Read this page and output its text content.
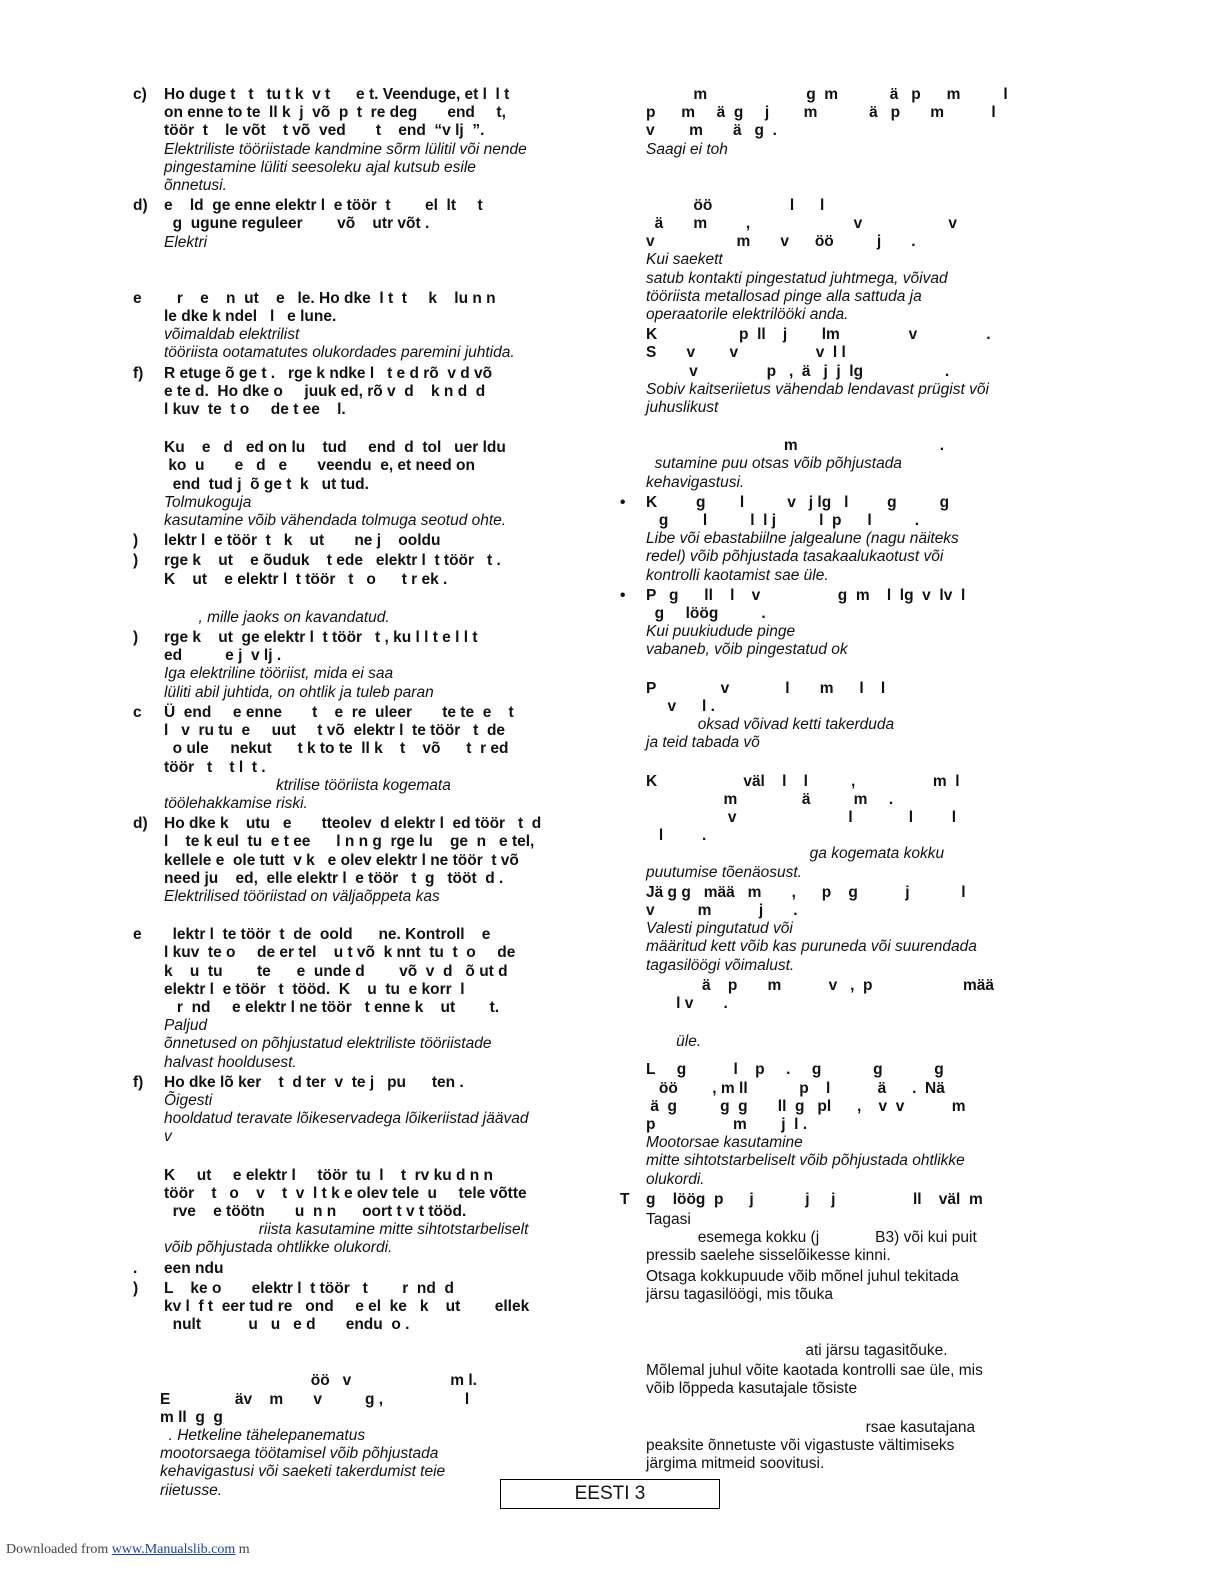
c) Ho duge t   t   tu t k  v t      e t. Veenduge, et l  l t
on enne to te  ll k  j  võ  p  t  re deg       end     t,
töör  t    le võt    t võ  ved       t    end  “v lj  ”.
Elektriliste tööriistade kandmine sõrm lülitil või nende
pingestamine lüliti seesoleku ajal kutsub esile
õnnetusi.
d) e    ld  ge enne elektr l  e töör  t        el  lt     t
g  ugune reguleer        võ    utr võt .
Elektri
e	r    e    n  ut    e   le. Ho dke  l t  t     k    lu n n
le dke k ndel   l   e lune.
võimaldab elektrilist
tööriista ootamatutes olukordades paremini juhtida.
f) R etuge õ ge t .   rge k ndke l   t e d rõ  v d võ
e te d.  Ho dke o     juuk ed, rõ v  d    k n d  d
l kuv  te  t o     de t ee    l.
Ku    e   d   ed on lu    tud     end  d  tol   uer ldu
ko  u       e   d   e       veendu  e, et need on
end  tud j  õ ge t  k   ut tud.
Tolmukoguja
kasutamine võib vähendada tolmuga seotud ohte.
) lektr l  e töör  t   k    ut       ne j    ooldu
) rge k    ut    e õuduk    t ede   elektr l  t töör   t .
K    ut    e elektr l  t töör   t   o      t r ek .
, mille jaoks on kavandatud.
) rge k    ut  ge elektr l  t töör   t , ku l l t e l l t
ed          e j  v lj .
Iga elektriline tööriist, mida ei saa
lüliti abil juhtida, on ohtlik ja tuleb paran
c Ü  end     e enne       t    e  re  uleer       te te  e    t
l   v  ru tu  e     uut     t võ  elektr l  te töör   t  de
o ule     nekut      t k to te  ll k    t    võ      t  r ed
töör   t    t l  t .
ktrilise tööriista kogemata
töölehakkamise riski.
d) Ho dke k    utu   e       tteolev  d elektr l  ed töör   t  d
l    te k eul  tu  e t ee      l n n g  rge lu    ge  n   e tel,
kellele e  ole tutt  v k   e olev elektr l ne töör  t võ
need ju    ed,  elle elektr l  e töör   t  g   tööt  d .
Elektrilised tööriistad on väljaõppeta kas
e	lektr l  te töör  t  de  oold      ne. Kontroll    e
l kuv  te o     de er tel    u t võ  k nnt  tu  t  o     de
k    u  tu        te      e  unde d        võ  v  d   õ ut d
elektr l  e töör   t  tööd.  K    u  tu  e korr  l
r  nd     e elektr l ne töör   t enne k    ut        t.
Paljud
õnnetused on põhjustatud elektriliste tööriistade
halvast hooldusest.
f) Ho dke lõ ker    t  d ter  v  te j   pu      ten .
Õigesti
hooldatud teravate lõikeservadega lõikeriistad jäävad
v
K     ut     e elektr l     töör  tu  l    t  rv ku d n n
töör    t   o    v    t  v  l t k e olev tele  u     tele võtte
rve    e töötn       u  n n      oort t v t tööd.
riista kasutamine mitte sihtotstarbeliselt
võib põhjustada ohtlikke olukordi.
. een ndu
) L    ke o       elektr l  t töör   t        r  nd  d
kv l  f t  eer tud re   ond     e el  ke   k    ut        ellek
nult           u   u   e d       endu  o .
öö   v                       m l.
E               äv    m       v          g ,                   l
m ll  g  g
. Hetkeline tähelepanematus
mootorsaega töötamisel võib põhjustada
kehavigastusi või saeketi takerdumist teie
riietusse.
m                       g  m            ä   p      m          l
p      m     ä  g     j        m            ä   p       m           l
v        m       ä   g  .
Saagi ei toh
öö                  l      l
ä       m         ,                        v                    v
v                   m       v      öö          j       .
Kui saekett
satub kontakti pingestatud juhtmega, võivad
tööriista metallosad pinge alla sattuda ja
operaatorile elektrilööki anda.
K                   p  ll    j        lm                v                .
S       v        v                  v  l l
v                p   ,  ä   j  j  lg                   .
Sobiv kaitseriietus vähendab lendavast prügist või
juhuslikust
m                                 .
sutamine puu otsas võib põhjustada
kehavigastusi.
• K         g        l          v   j lg   l         g          g
g        l          l  l j          l  p      l          .
Libe või ebastabiilne jalgealune (nagu näiteks
redel) võib põhjustada tasakaalukaotust või
kontrolli kaotamist sae üle.
• P   g      ll    l    v                  g  m    l  lg  v  lv  l
g     löög          .
Kui puukiudude pinge
vabaneb, võib pingestatud ok
P               v             l       m      l    l
v      l .
oksad võivad ketti takerduda
ja teid tabada võ
K                    väl    l    l          ,                  m  l
m               ä          m     .
v                          l             l         l
l         .
ga kogemata kokku
puutumise tõenäosust.
Jä g g   mää   m       ,      p    g           j            l
v          m           j       .
Valesti pingutatud või
määritud kett võib kas puruneda või suurendada
tagasilöögi võimalust.
ä    p       m           v   ,  p                     mää
l v       .
üle.
L     g           l    p     .     g            g            g
öö        , m ll            p    l           ä      .  Nä
ä  g          g  g       ll  g   pl      ,    v  v           m
p                  m        j  l .
Mootorsae kasutamine
mitte sihtotstarbeliselt võib põhjustada ohtlikke
olukordi.
T g    löög  p      j            j     j                  ll    väl  m
Tagasi
esemega kokku (j             B3) või kui puit
pressib saelehe sisselõikesse kinni.
Otsaga kokkupuude võib mõnel juhul tekitada
järsu tagasilöögi, mis tõuka
ati järsu tagasitõuke.
Mõlemal juhul võite kaotada kontrolli sae üle, mis
võib lõppeda kasutajale tõsiste
rsae kasutajana
peaksite õnnetuste või vigastuste vältimiseks
järgima mitmeid soovitusi.
EESTI 3
Downloaded from www.Manualslib.com m
